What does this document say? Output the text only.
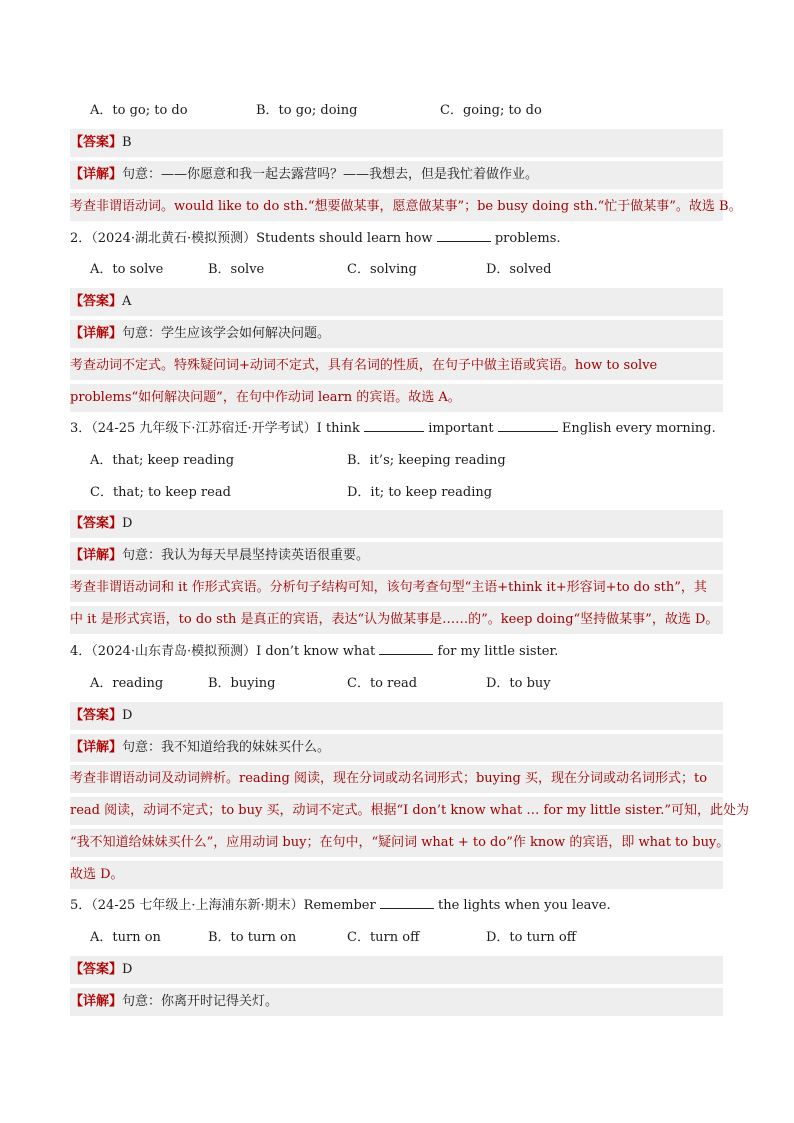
A．to go; to do	B．to go; doing	C．going; to do
【答案】B
【详解】句意：——你愿意和我一起去露营吗？——我想去，但是我忙着做作业。
考查非谓语动词。would like to do sth.“想要做某事，愿意做某事”；be busy doing sth.“忙于做某事”。故选 B。
2．（2024·湖北黄石·模拟预测）Students should learn how	problems.
A．to solve	B．solve	C．solving	D．solved
【答案】A
【详解】句意：学生应该学会如何解决问题。
考查动词不定式。特殊疑问词+动词不定式，具有名词的性质，在句子中做主语或宾语。how to solve
problems“如何解决问题”，在句中作动词 learn 的宾语。故选 A。
3．（24-25 九年级下·江苏宿迁·开学考试）I think	important	English every morning.
A．that; keep reading	B．it’s; keeping reading
C．that; to keep read	D．it; to keep reading
【答案】D
【详解】句意：我认为每天早晨坚持读英语很重要。
考查非谓语动词和 it 作形式宾语。分析句子结构可知，该句考查句型“主语+think it+形容词+to do sth”，其
中 it 是形式宾语，to do sth 是真正的宾语，表达“认为做某事是……的”。keep doing“坚持做某事”，故选 D。
4．（2024·山东青岛·模拟预测）I don’t know what	for my little sister.
A．reading	B．buying	C．to read	D．to buy
【答案】D
【详解】句意：我不知道给我的妹妹买什么。
考查非谓语动词及动词辨析。reading 阅读，现在分词或动名词形式；buying 买，现在分词或动名词形式；to
read 阅读，动词不定式；to buy 买，动词不定式。根据“I don’t know what … for my little sister.”可知，此处为
“我不知道给妹妹买什么”，应用动词 buy；在句中，“疑问词 what + to do”作 know 的宾语，即 what to buy。
故选 D。
5．（24-25 七年级上·上海浦东新·期末）Remember	the lights when you leave.
A．turn on	B．to turn on	C．turn off	D．to turn off
【答案】D
【详解】句意：你离开时记得关灯。
